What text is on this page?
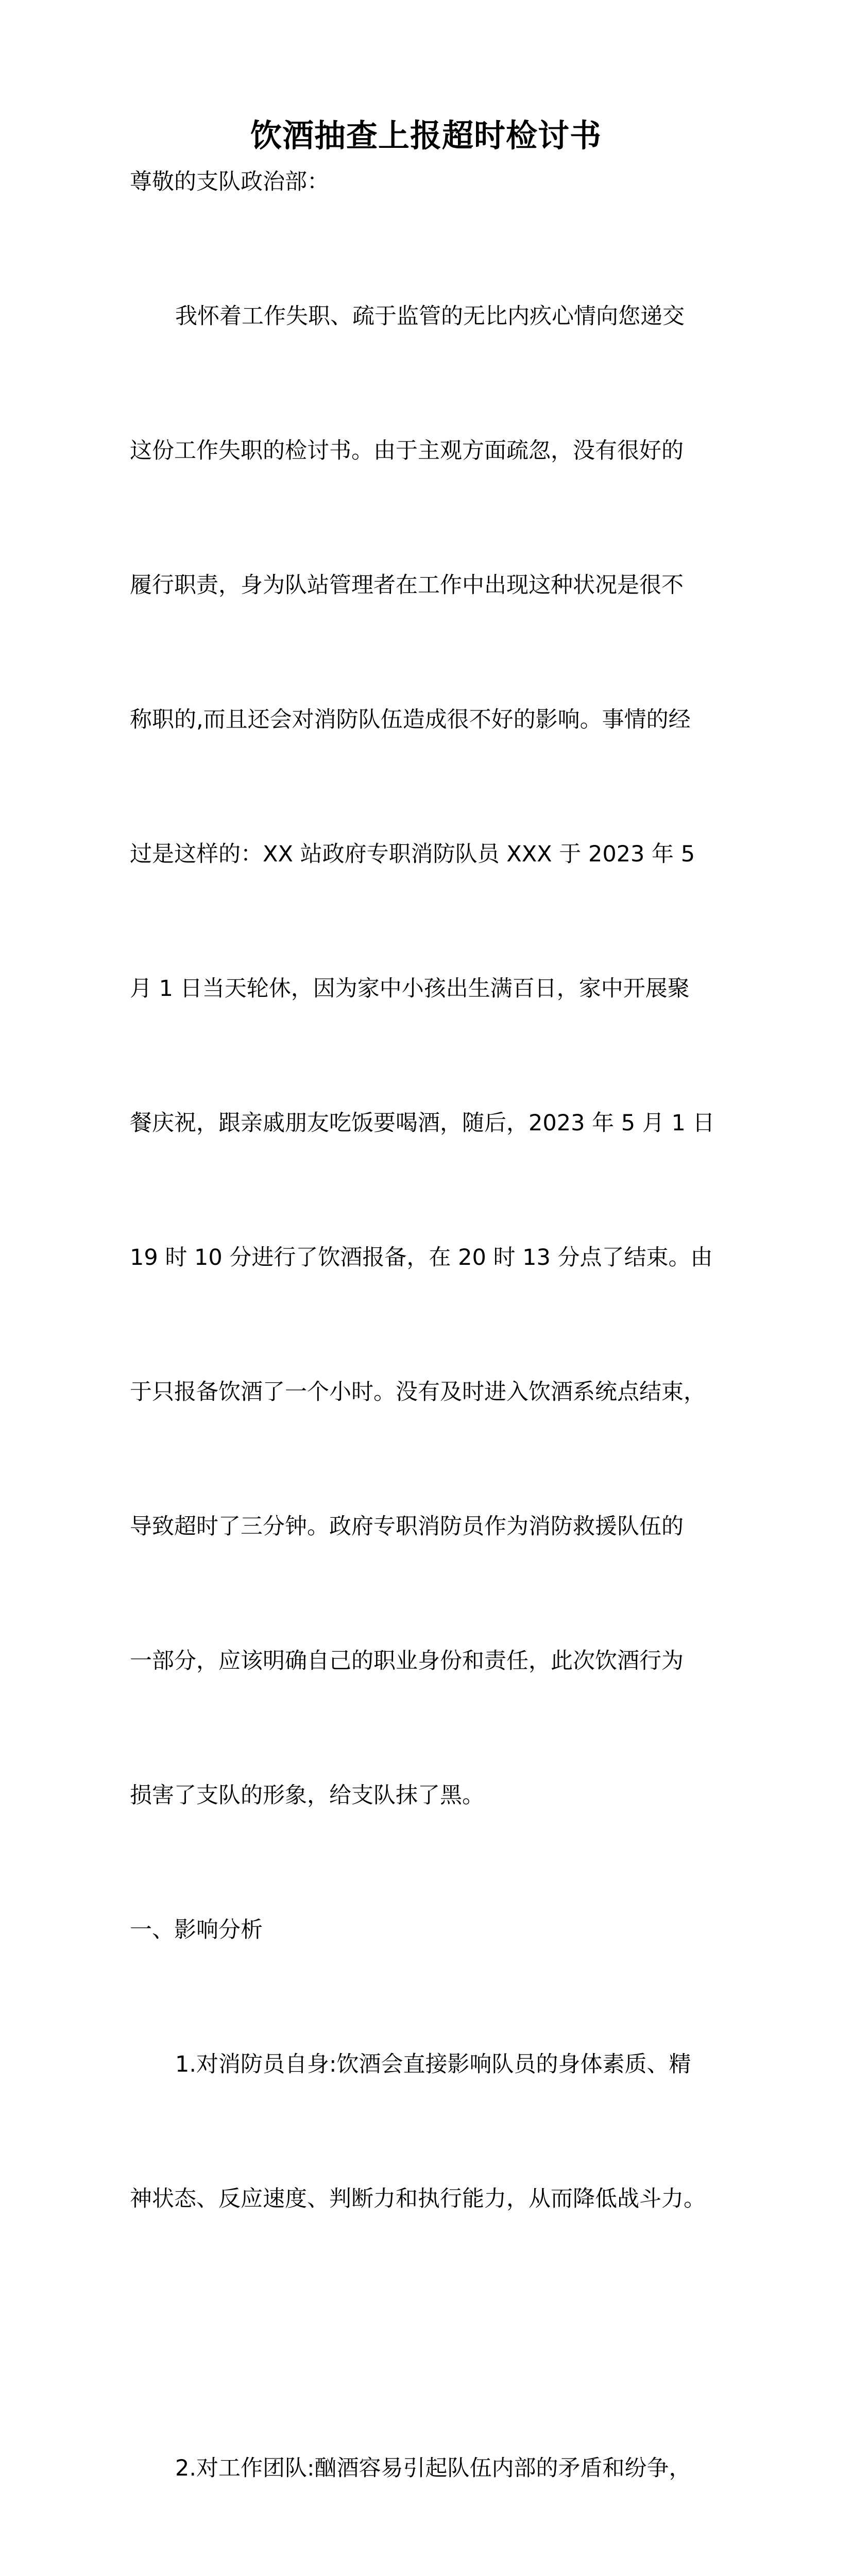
饮酒抽查上报超时检讨书

尊敬的支队政治部：

我怀着工作失职、疏于监管的无比内疚心情向您递交

这份工作失职的检讨书。由于主观方面疏忽，没有很好的

履行职责，身为队站管理者在工作中出现这种状况是很不

称职的,而且还会对消防队伍造成很不好的影响。事情的经

过是这样的：XX 站政府专职消防队员 XXX 于 2023 年 5

月 1 日当天轮休，因为家中小孩出生满百日，家中开展聚

餐庆祝，跟亲戚朋友吃饭要喝酒，随后，2023 年 5 月 1 日

19 时 10 分进行了饮酒报备，在 20 时 13 分点了结束。由

于只报备饮酒了一个小时。没有及时进入饮酒系统点结束，

导致超时了三分钟。政府专职消防员作为消防救援队伍的

一部分，应该明确自己的职业身份和责任，此次饮酒行为

损害了支队的形象，给支队抹了黑。

一、影响分析

1.对消防员自身:饮酒会直接影响队员的身体素质、精

神状态、反应速度、判断力和执行能力，从而降低战斗力。

2.对工作团队:酗酒容易引起队伍内部的矛盾和纷争，
